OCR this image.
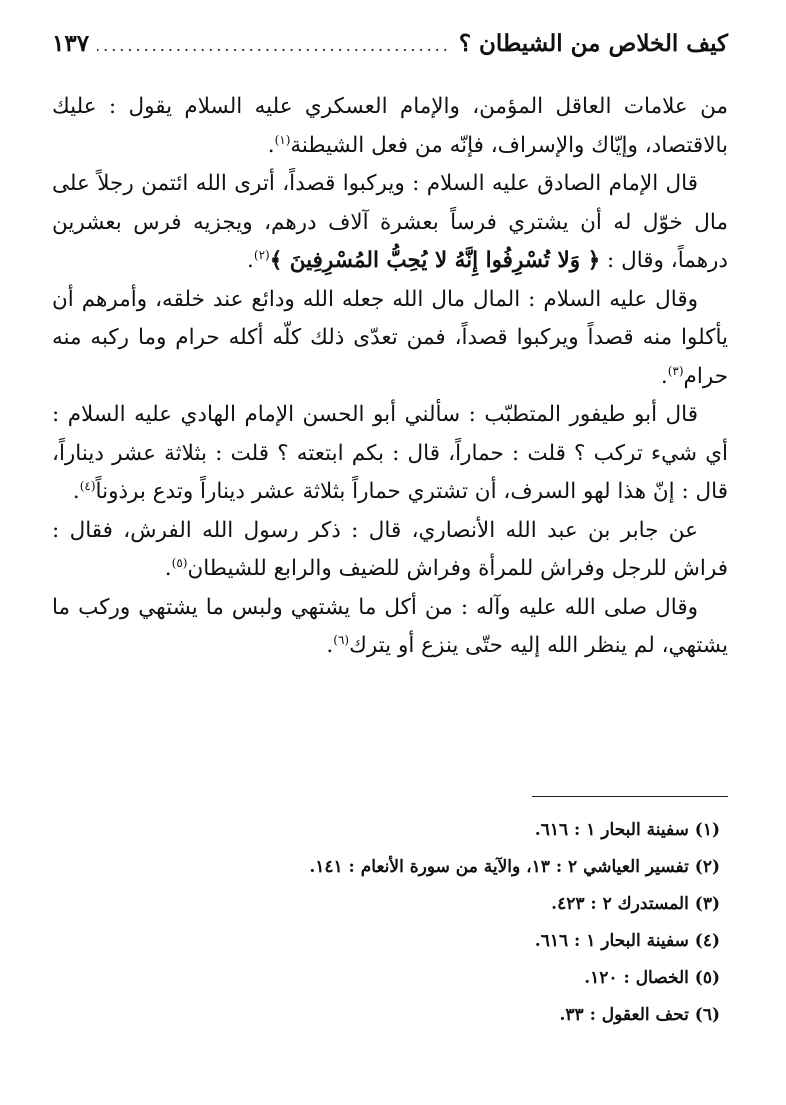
كيف الخلاص من الشيطان ؟
.....
١٣٧

من علامات العاقل المؤمن، والإمام العسكري عليه السلام يقول : عليك بالاقتصاد، وإيّاك والإسراف، فإنّه من فعل الشيطنة$^{(١)}$.

قال الإمام الصادق عليه السلام : ويركبوا قصداً، أترى الله ائتمن رجلاً على مال خوّل له أن يشتري فرساً بعشرة آلاف درهم، ويجزيه فرس بعشرين درهماً، وقال : ﴿ وَلا تُسْرِفُوا إِنَّهُ لا يُحِبُّ المُسْرِفِينَ ﴾$^{(٢)}$.

وقال عليه السلام : المال مال الله جعله الله ودائع عند خلقه، وأمرهم أن يأكلوا منه قصداً ويركبوا قصداً، فمن تعدّى ذلك كلّه أكله حرام وما ركبه منه حرام$^{(٣)}$.

قال أبو طيفور المتطبّب : سألني أبو الحسن الإمام الهادي عليه السلام : أي شيء تركب ؟ قلت : حماراً، قال : بكم ابتعته ؟ قلت : بثلاثة عشر ديناراً، قال : إنّ هذا لهو السرف، أن تشتري حماراً بثلاثة عشر ديناراً وتدع برذوناً$^{(٤)}$.

عن جابر بن عبد الله الأنصاري، قال : ذكر رسول الله الفرش، فقال : فراش للرجل وفراش للمرأة وفراش للضيف والرابع للشيطان$^{(٥)}$.

وقال صلى الله عليه وآله : من أكل ما يشتهي ولبس ما يشتهي وركب ما يشتهي، لم ينظر الله إليه حتّى ينزع أو يترك$^{(٦)}$.

(١) سفينة البحار ١ : ٦١٦.
(٢) تفسير العياشي ٢ : ١٣، والآية من سورة الأنعام : ١٤١.
(٣) المستدرك ٢ : ٤٢٣.
(٤) سفينة البحار ١ : ٦١٦.
(٥) الخصال : ١٢٠.
(٦) تحف العقول : ٣٣.
